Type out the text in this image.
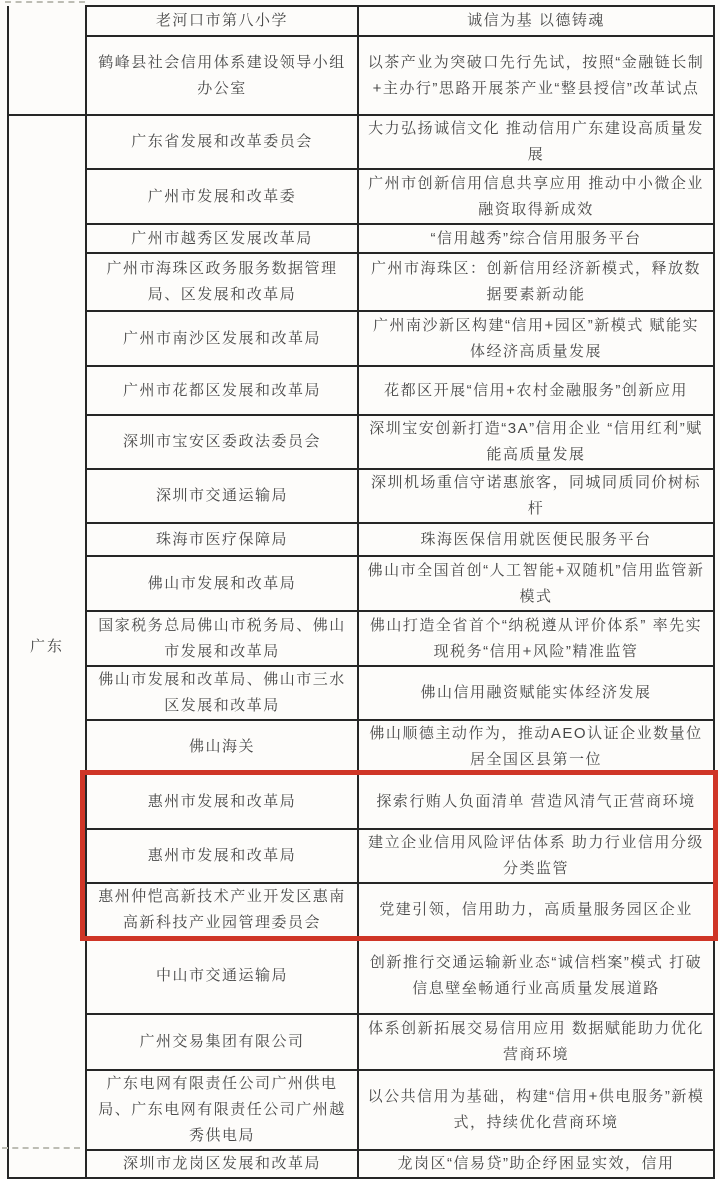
	老河口市第八小学	诚信为基 以德铸魂
	鹤峰县社会信用体系建设领导小组办公室	以茶产业为突破口先行先试，按照“金融链长制+主办行”思路开展茶产业“整县授信”改革试点
广东	广东省发展和改革委员会	大力弘扬诚信文化 推动信用广东建设高质量发展
	广州市发展和改革委	广州市创新信用信息共享应用 推动中小微企业融资取得新成效
	广州市越秀区发展改革局	“信用越秀”综合信用服务平台
	广州市海珠区政务服务数据管理局、区发展和改革局	广州市海珠区：创新信用经济新模式，释放数据要素新动能
	广州市南沙区发展和改革局	广州南沙新区构建“信用+园区”新模式 赋能实体经济高质量发展
	广州市花都区发展和改革局	花都区开展“信用+农村金融服务”创新应用
	深圳市宝安区委政法委员会	深圳宝安创新打造“3A”信用企业 “信用红利”赋能高质量发展
	深圳市交通运输局	深圳机场重信守诺惠旅客，同城同质同价树标杆
	珠海市医疗保障局	珠海医保信用就医便民服务平台
	佛山市发展和改革局	佛山市全国首创“人工智能+双随机”信用监管新模式
	国家税务总局佛山市税务局、佛山市发展和改革局	佛山打造全省首个“纳税遵从评价体系” 率先实现税务“信用+风险”精准监管
	佛山市发展和改革局、佛山市三水区发展和改革局	佛山信用融资赋能实体经济发展
	佛山海关	佛山顺德主动作为，推动AEO认证企业数量位居全国区县第一位
	惠州市发展和改革局	探索行贿人负面清单 营造风清气正营商环境
	惠州市发展和改革局	建立企业信用风险评估体系 助力行业信用分级分类监管
	惠州仲恺高新技术产业开发区惠南高新科技产业园管理委员会	党建引领，信用助力，高质量服务园区企业
	中山市交通运输局	创新推行交通运输新业态“诚信档案”模式 打破信息壁垒畅通行业高质量发展道路
	广州交易集团有限公司	体系创新拓展交易信用应用 数据赋能助力优化营商环境
	广东电网有限责任公司广州供电局、广东电网有限责任公司广州越秀供电局	以公共信用为基础，构建“信用+供电服务”新模式，持续优化营商环境
	深圳市龙岗区发展和改革局	龙岗区“信易贷”助企纾困显实效，信用
